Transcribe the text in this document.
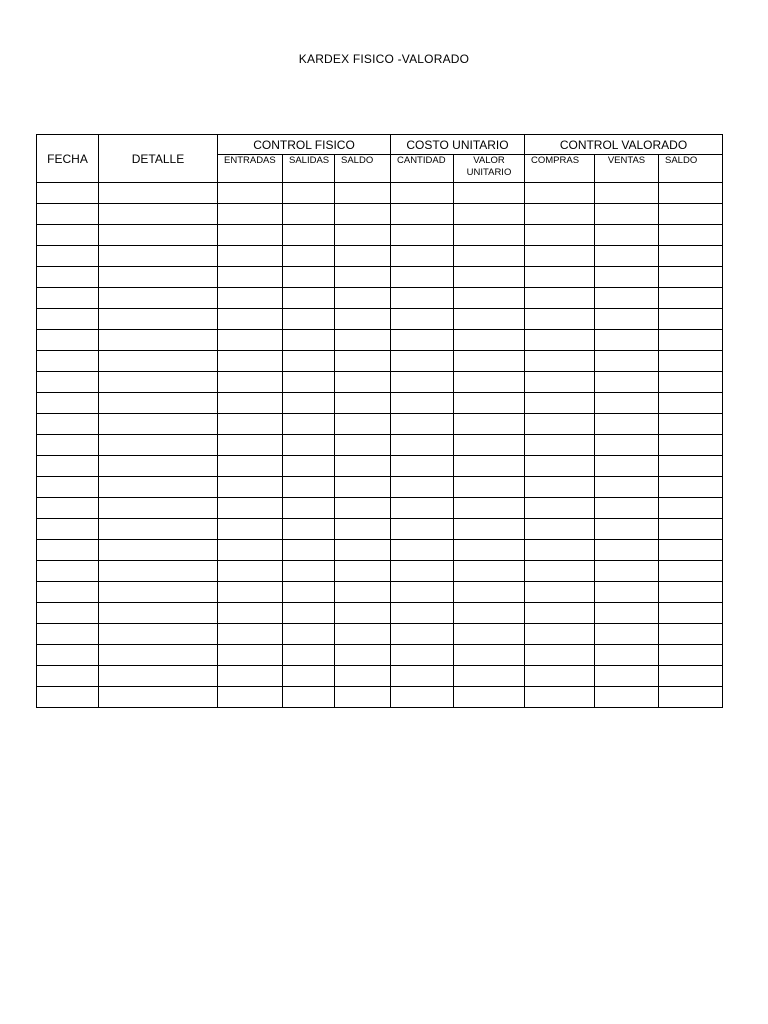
KARDEX FISICO -VALORADO
FECHA	DETALLE	CONTROL FISICO			COSTO UNITARIO		CONTROL VALORADO		
		ENTRADAS	SALIDAS	SALDO	CANTIDAD	VALOR UNITARIO	COMPRAS	VENTAS	SALDO
